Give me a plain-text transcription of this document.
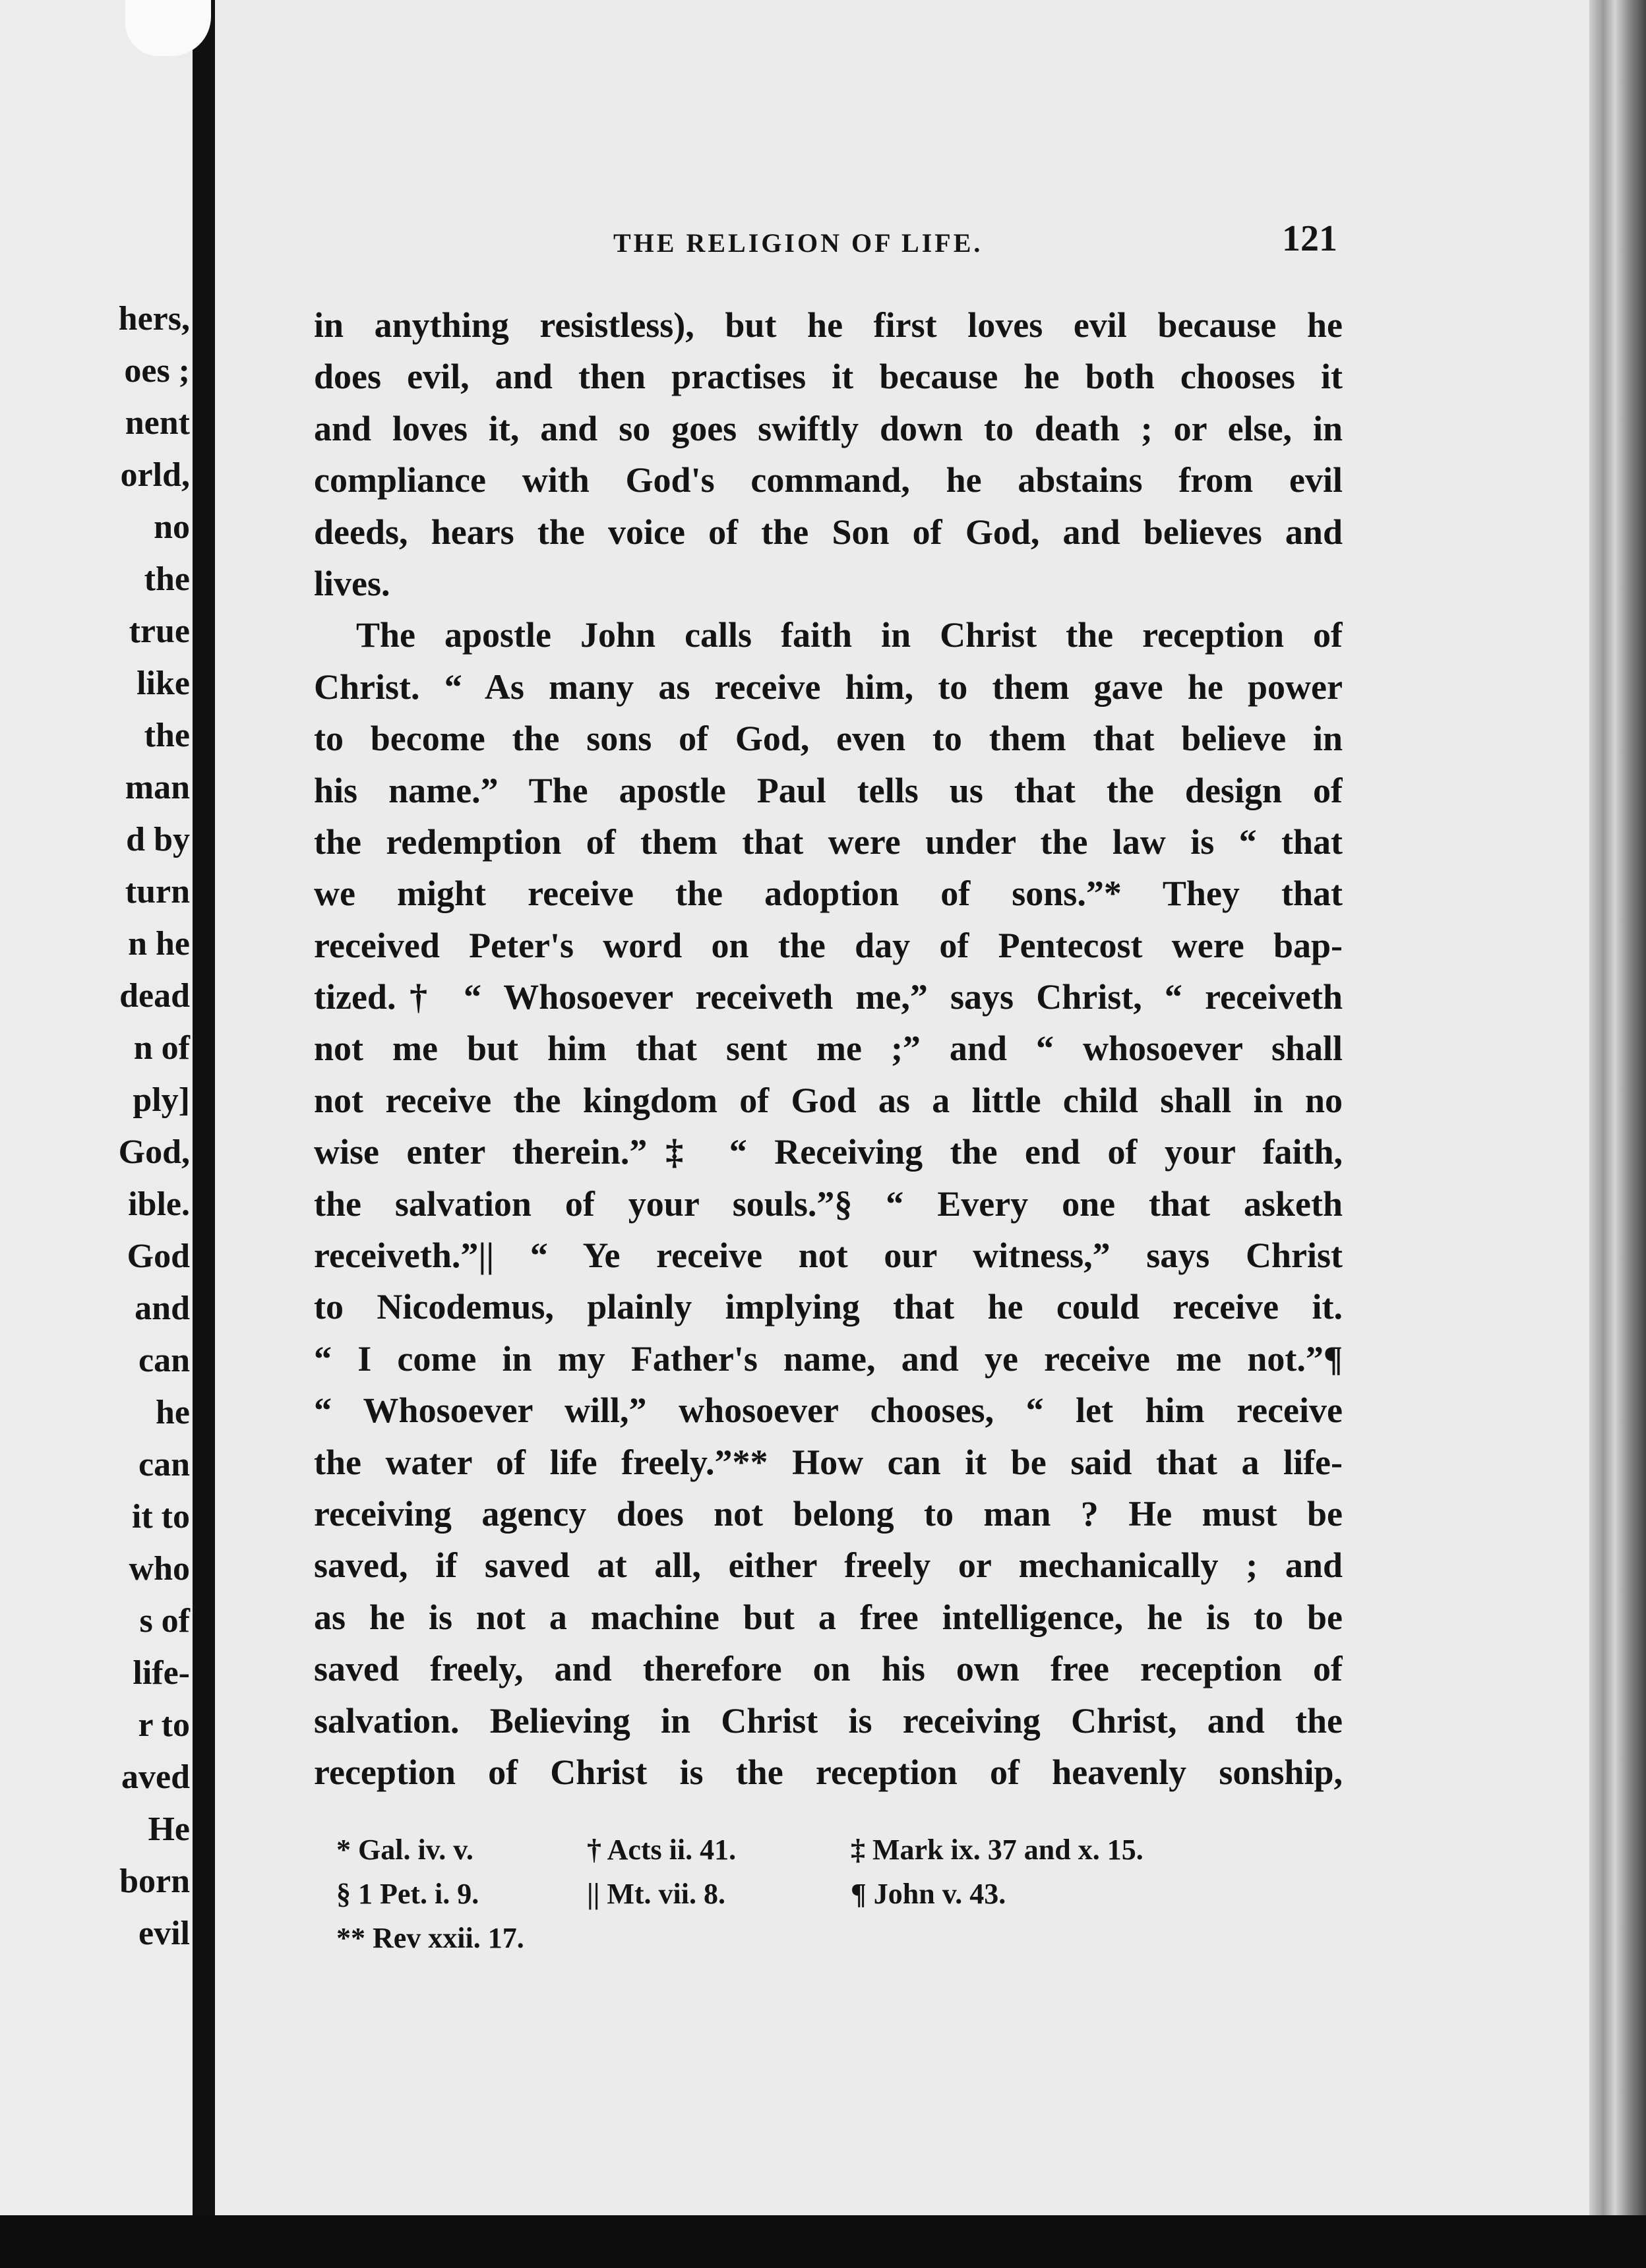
hers,
oes ;
nent
orld,
no
the
true
like
the
man
d by
turn
n he
dead
n of
ply]
God,
ible.
God
and
can
he
can
it to
who
s of
life-
r to
aved
He
born
evil
THE RELIGION OF LIFE.	121
in anything resistless), but he first loves evil because he
does evil, and then practises it because he both chooses it
and loves it, and so goes swiftly down to death ; or else, in
compliance with God's command, he abstains from evil
deeds, hears the voice of the Son of God, and believes and
lives.
The apostle John calls faith in Christ the reception of
Christ. “ As many as receive him, to them gave he power
to become the sons of God, even to them that believe in
his name.” The apostle Paul tells us that the design of
the redemption of them that were under the law is “ that
we might receive the adoption of sons.”* They that
received Peter's word on the day of Pentecost were bap-
tized.† “ Whosoever receiveth me,” says Christ, “ receiveth
not me but him that sent me ;” and “ whosoever shall
not receive the kingdom of God as a little child shall in no
wise enter therein.”‡ “ Receiving the end of your faith,
the salvation of your souls.”§ “ Every one that asketh
receiveth.”|| “ Ye receive not our witness,” says Christ
to Nicodemus, plainly implying that he could receive it.
“ I come in my Father's name, and ye receive me not.”¶
“ Whosoever will,” whosoever chooses, “ let him receive
the water of life freely.”** How can it be said that a life-
receiving agency does not belong to man ? He must be
saved, if saved at all, either freely or mechanically ; and
as he is not a machine but a free intelligence, he is to be
saved freely, and therefore on his own free reception of
salvation. Believing in Christ is receiving Christ, and the
reception of Christ is the reception of heavenly sonship,
* Gal. iv. v.	† Acts ii. 41.	‡ Mark ix. 37 and x. 15.
§ 1 Pet. i. 9.	|| Mt. vii. 8.	¶ John v. 43.
** Rev xxii. 17.
